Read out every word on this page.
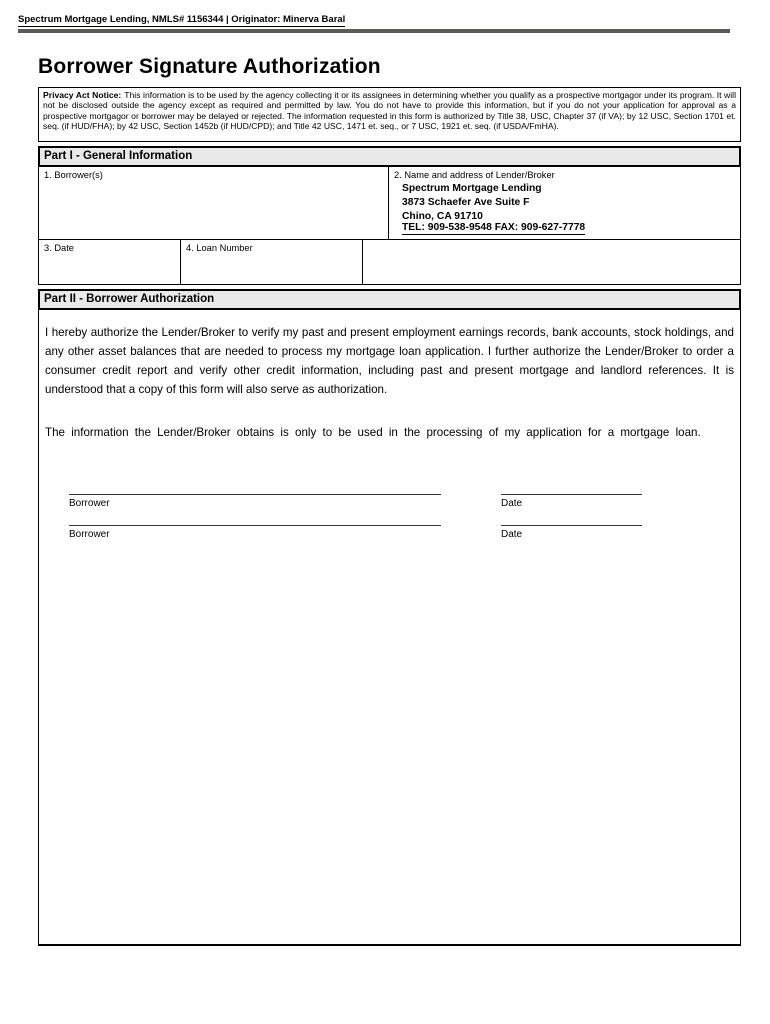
Spectrum Mortgage Lending, NMLS# 1156344 | Originator: Minerva Baral
Borrower Signature Authorization
Privacy Act Notice: This information is to be used by the agency collecting it or its assignees in determining whether you qualify as a prospective mortgagor under its program. It will not be disclosed outside the agency except as required and permitted by law. You do not have to provide this information, but if you do not your application for approval as a prospective mortgagor or borrower may be delayed or rejected. The information requested in this form is authorized by Title 38, USC, Chapter 37 (if VA); by 12 USC, Section 1701 et. seq. (if HUD/FHA); by 42 USC, Section 1452b (if HUD/CPD); and Title 42 USC, 1471 et. seq., or 7 USC, 1921 et. seq. (if USDA/FmHA).
Part I - General Information
1. Borrower(s)	2. Name and address of Lender/Broker
Spectrum Mortgage Lending
3873 Schaefer Ave Suite F
Chino, CA 91710
TEL: 909-538-9548 FAX: 909-627-7778
3. Date	4. Loan Number
Part II - Borrower Authorization

I hereby authorize the Lender/Broker to verify my past and present employment earnings records, bank accounts, stock holdings, and any other asset balances that are needed to process my mortgage loan application. I further authorize the Lender/Broker to order a consumer credit report and verify other credit information, including past and present mortgage and landlord references. It is understood that a copy of this form will also serve as authorization.

The information the Lender/Broker obtains is only to be used in the processing of my application for a mortgage loan.

Borrower	Date
Borrower	Date
